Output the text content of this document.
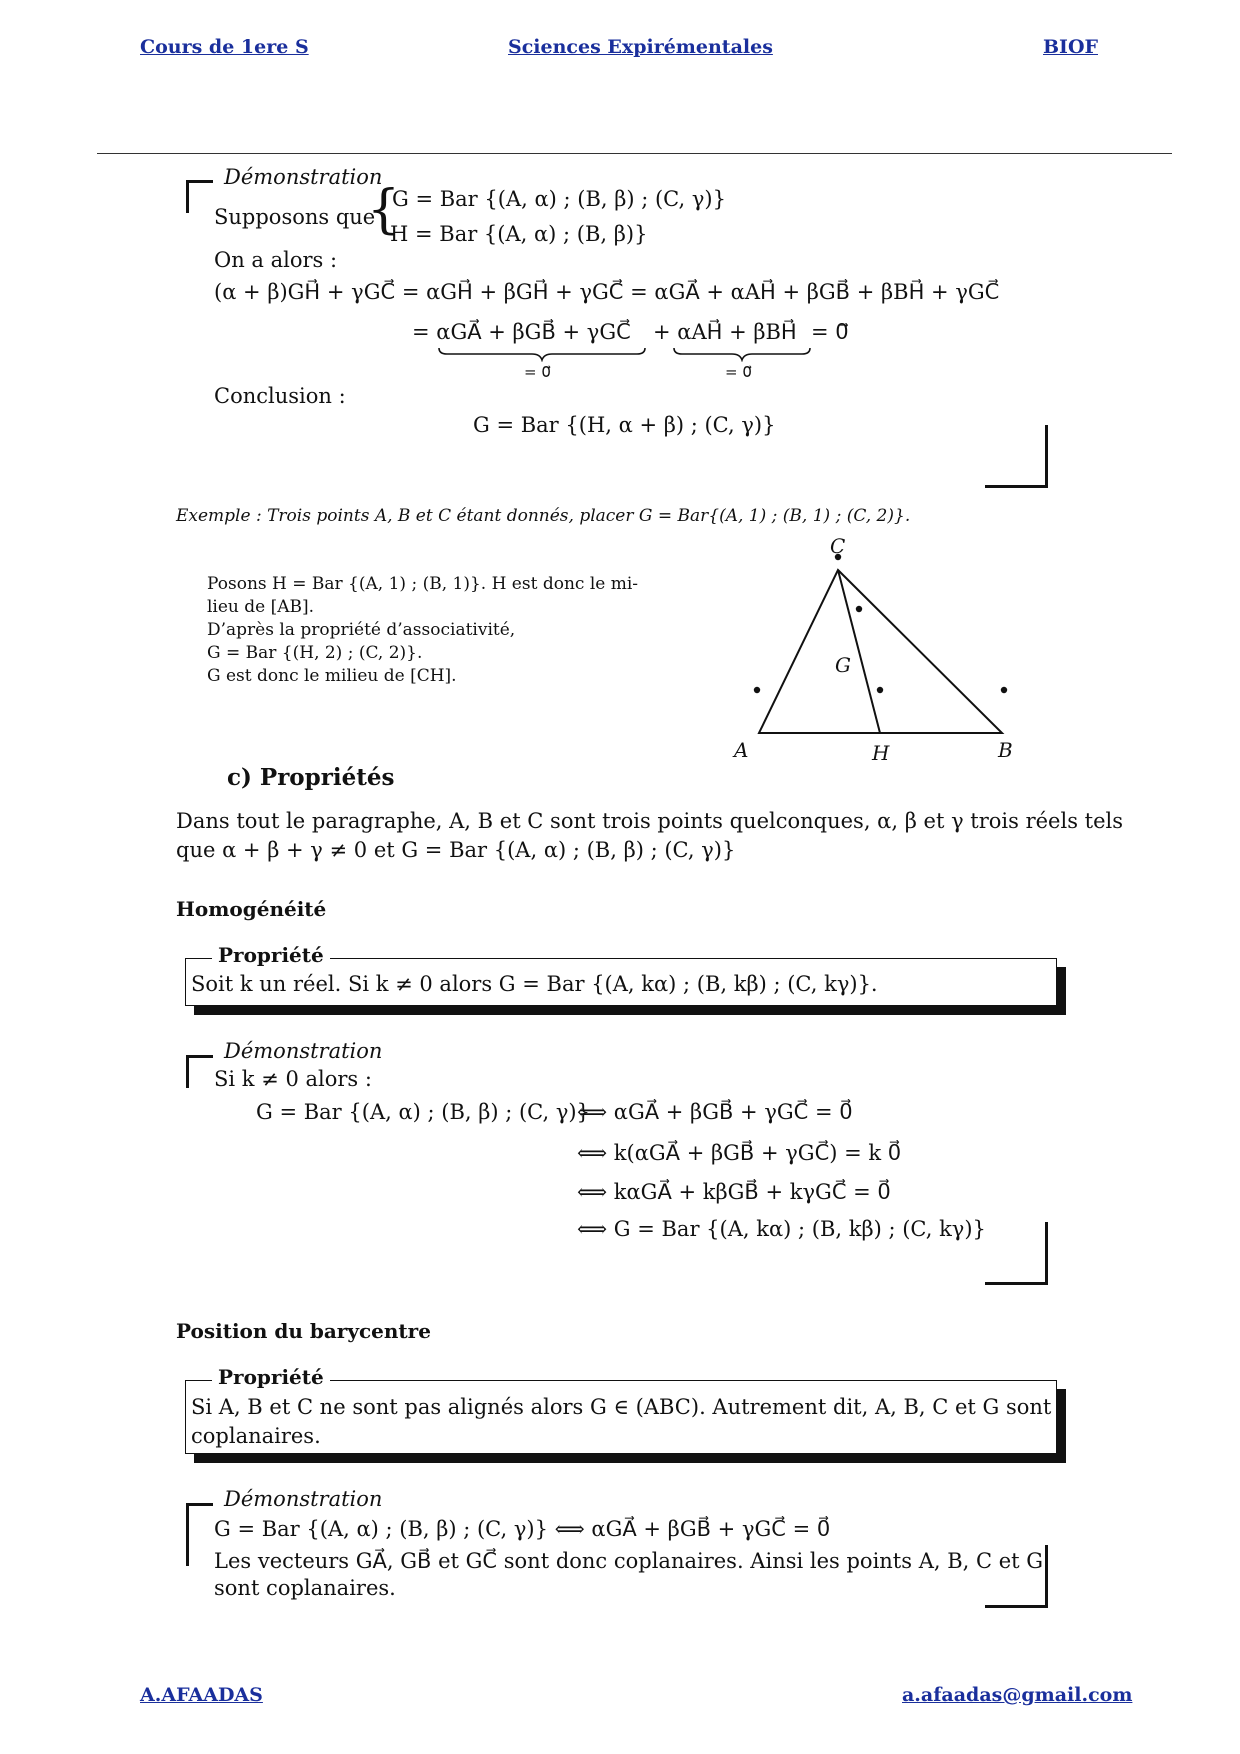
Cours de 1ere S	Sciences Expirémentales	BIOF
Démonstration
Supposons que
{
G = Bar {(A, α) ; (B, β) ; (C, γ)}
H = Bar {(A, α) ; (B, β)}
On a alors :
(α + β)GH⃗ + γGC⃗ = αGH⃗ + βGH⃗ + γGC⃗ = αGA⃗ + αAH⃗ + βGB⃗ + βBH⃗ + γGC⃗
= αGA⃗ + βGB⃗ + γGC⃗ + αAH⃗ + βBH⃗ = 0⃗
= 0⃗	= 0⃗
Conclusion :
G = Bar {(H, α + β) ; (C, γ)}
Exemple : Trois points A, B et C étant donnés, placer G = Bar{(A, 1) ; (B, 1) ; (C, 2)}.
Posons H = Bar {(A, 1) ; (B, 1)}. H est donc le mi-
lieu de [AB].
D’après la propriété d’associativité,
G = Bar {(H, 2) ; (C, 2)}.
G est donc le milieu de [CH].
C
G
A	H	B
c) Propriétés
Dans tout le paragraphe, A, B et C sont trois points quelconques, α, β et γ trois réels tels
que α + β + γ ≠ 0 et G = Bar {(A, α) ; (B, β) ; (C, γ)}
Homogénéité
Propriété
Soit k un réel. Si k ≠ 0 alors G = Bar {(A, kα) ; (B, kβ) ; (C, kγ)}.
Démonstration
Si k ≠ 0 alors :
G = Bar {(A, α) ; (B, β) ; (C, γ)}
⟺ αGA⃗ + βGB⃗ + γGC⃗ = 0⃗
⟺ k(αGA⃗ + βGB⃗ + γGC⃗) = k 0⃗
⟺ kαGA⃗ + kβGB⃗ + kγGC⃗ = 0⃗
⟺ G = Bar {(A, kα) ; (B, kβ) ; (C, kγ)}
Position du barycentre
Propriété
Si A, B et C ne sont pas alignés alors G ∈ (ABC). Autrement dit, A, B, C et G sont
coplanaires.
Démonstration
G = Bar {(A, α) ; (B, β) ; (C, γ)} ⟺ αGA⃗ + βGB⃗ + γGC⃗ = 0⃗
Les vecteurs GA⃗, GB⃗ et GC⃗ sont donc coplanaires. Ainsi les points A, B, C et G
sont coplanaires.
A.AFAADAS	a.afaadas@gmail.com
